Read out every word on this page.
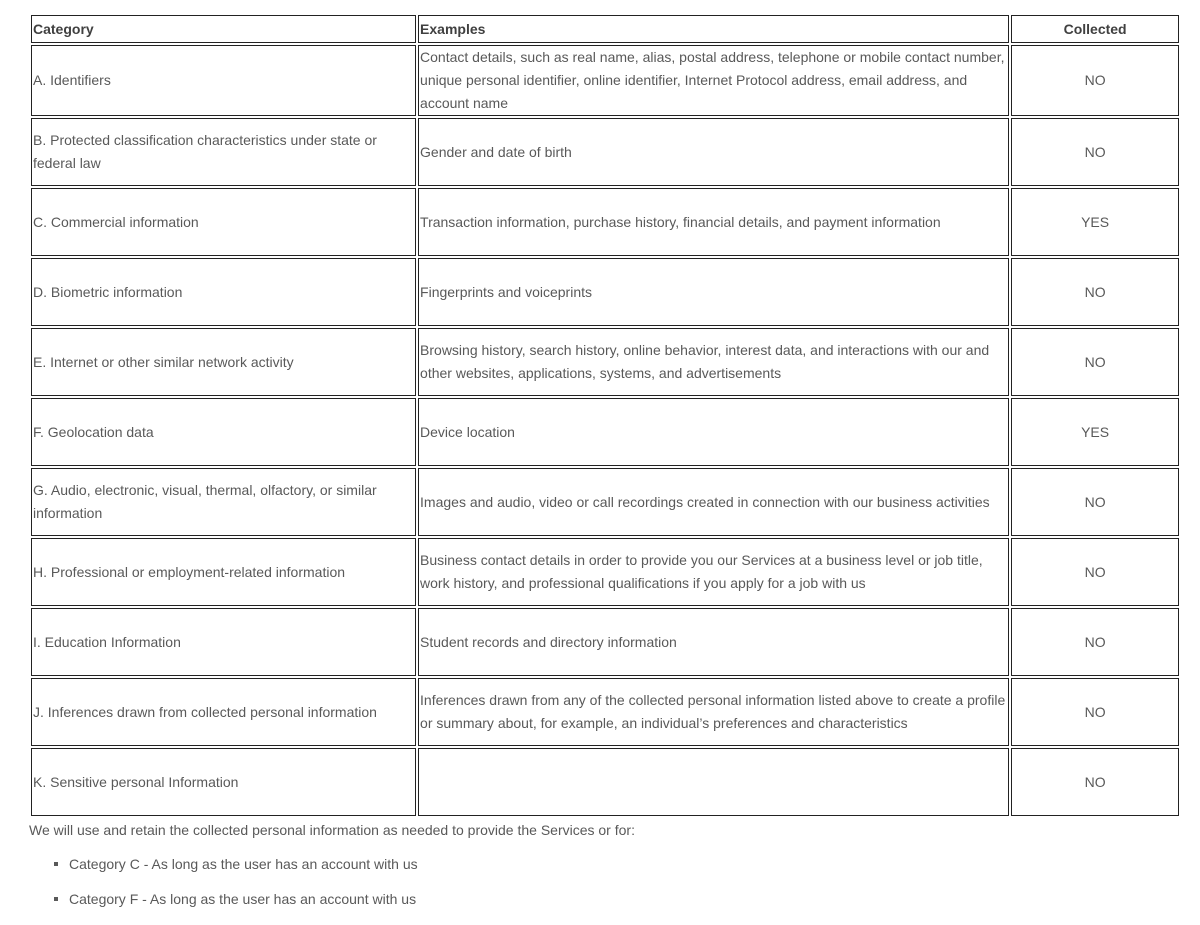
Category	Examples	Collected
A. Identifiers	Contact details, such as real name, alias, postal address, telephone or mobile contact number, unique personal identifier, online identifier, Internet Protocol address, email address, and account name	NO
B. Protected classification characteristics under state or federal law	Gender and date of birth	NO
C. Commercial information	Transaction information, purchase history, financial details, and payment information	YES
D. Biometric information	Fingerprints and voiceprints	NO
E. Internet or other similar network activity	Browsing history, search history, online behavior, interest data, and interactions with our and other websites, applications, systems, and advertisements	NO
F. Geolocation data	Device location	YES
G. Audio, electronic, visual, thermal, olfactory, or similar information	Images and audio, video or call recordings created in connection with our business activities	NO
H. Professional or employment-related information	Business contact details in order to provide you our Services at a business level or job title, work history, and professional qualifications if you apply for a job with us	NO
I. Education Information	Student records and directory information	NO
J. Inferences drawn from collected personal information	Inferences drawn from any of the collected personal information listed above to create a profile or summary about, for example, an individual’s preferences and characteristics	NO
K. Sensitive personal Information		NO

We will use and retain the collected personal information as needed to provide the Services or for:

Category C - As long as the user has an account with us
Category F - As long as the user has an account with us
